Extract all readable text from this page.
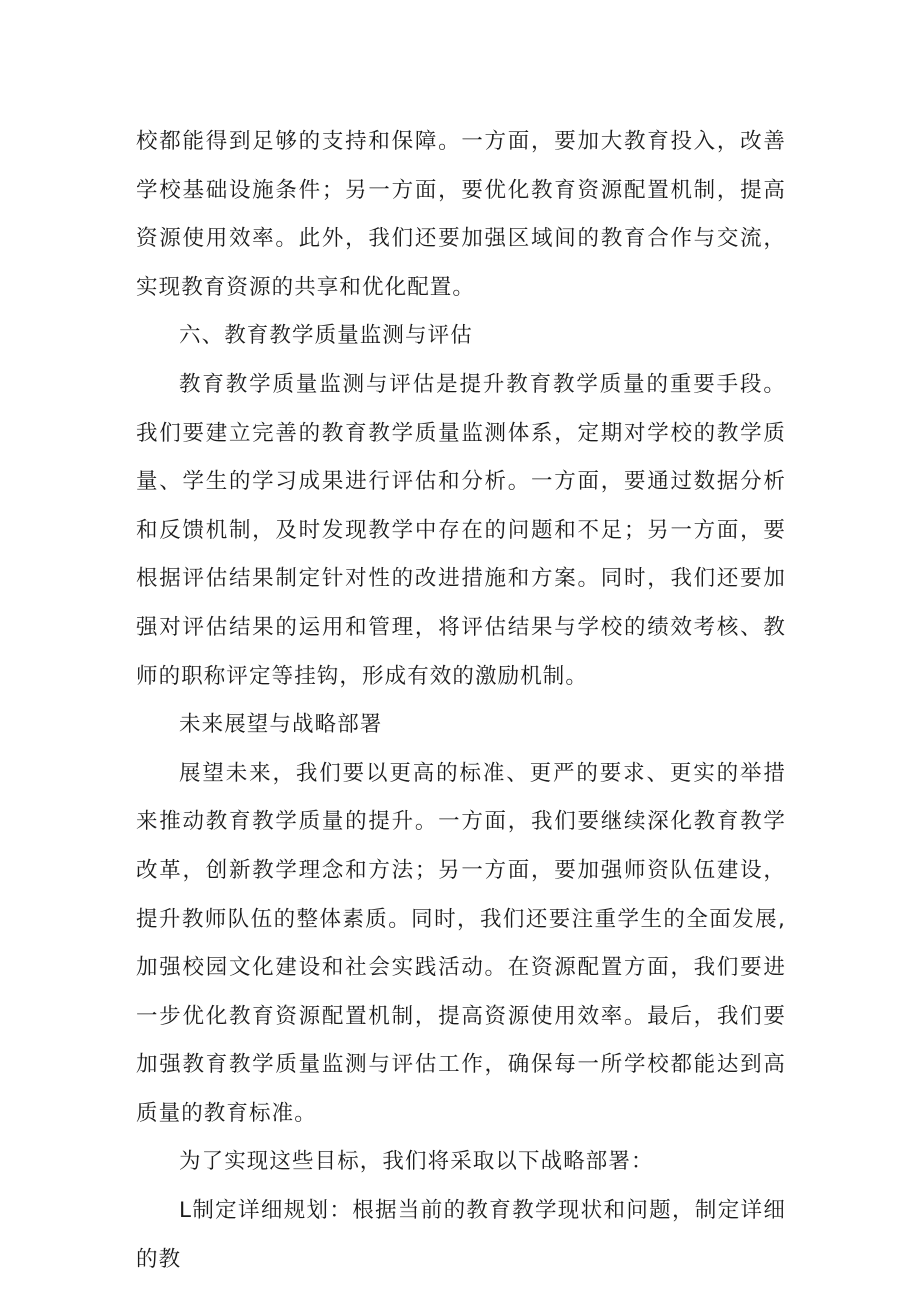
校都能得到足够的支持和保障。一方面，要加大教育投入，改善学校基础设施条件；另一方面，要优化教育资源配置机制，提高资源使用效率。此外，我们还要加强区域间的教育合作与交流，实现教育资源的共享和优化配置。

六、教育教学质量监测与评估

教育教学质量监测与评估是提升教育教学质量的重要手段。我们要建立完善的教育教学质量监测体系，定期对学校的教学质量、学生的学习成果进行评估和分析。一方面，要通过数据分析和反馈机制，及时发现教学中存在的问题和不足；另一方面，要根据评估结果制定针对性的改进措施和方案。同时，我们还要加强对评估结果的运用和管理，将评估结果与学校的绩效考核、教师的职称评定等挂钩，形成有效的激励机制。

未来展望与战略部署

展望未来，我们要以更高的标准、更严的要求、更实的举措来推动教育教学质量的提升。一方面，我们要继续深化教育教学改革，创新教学理念和方法；另一方面，要加强师资队伍建设，提升教师队伍的整体素质。同时，我们还要注重学生的全面发展,加强校园文化建设和社会实践活动。在资源配置方面，我们要进一步优化教育资源配置机制，提高资源使用效率。最后，我们要加强教育教学质量监测与评估工作，确保每一所学校都能达到高质量的教育标准。

为了实现这些目标，我们将采取以下战略部署：

L制定详细规划：根据当前的教育教学现状和问题，制定详细的教
